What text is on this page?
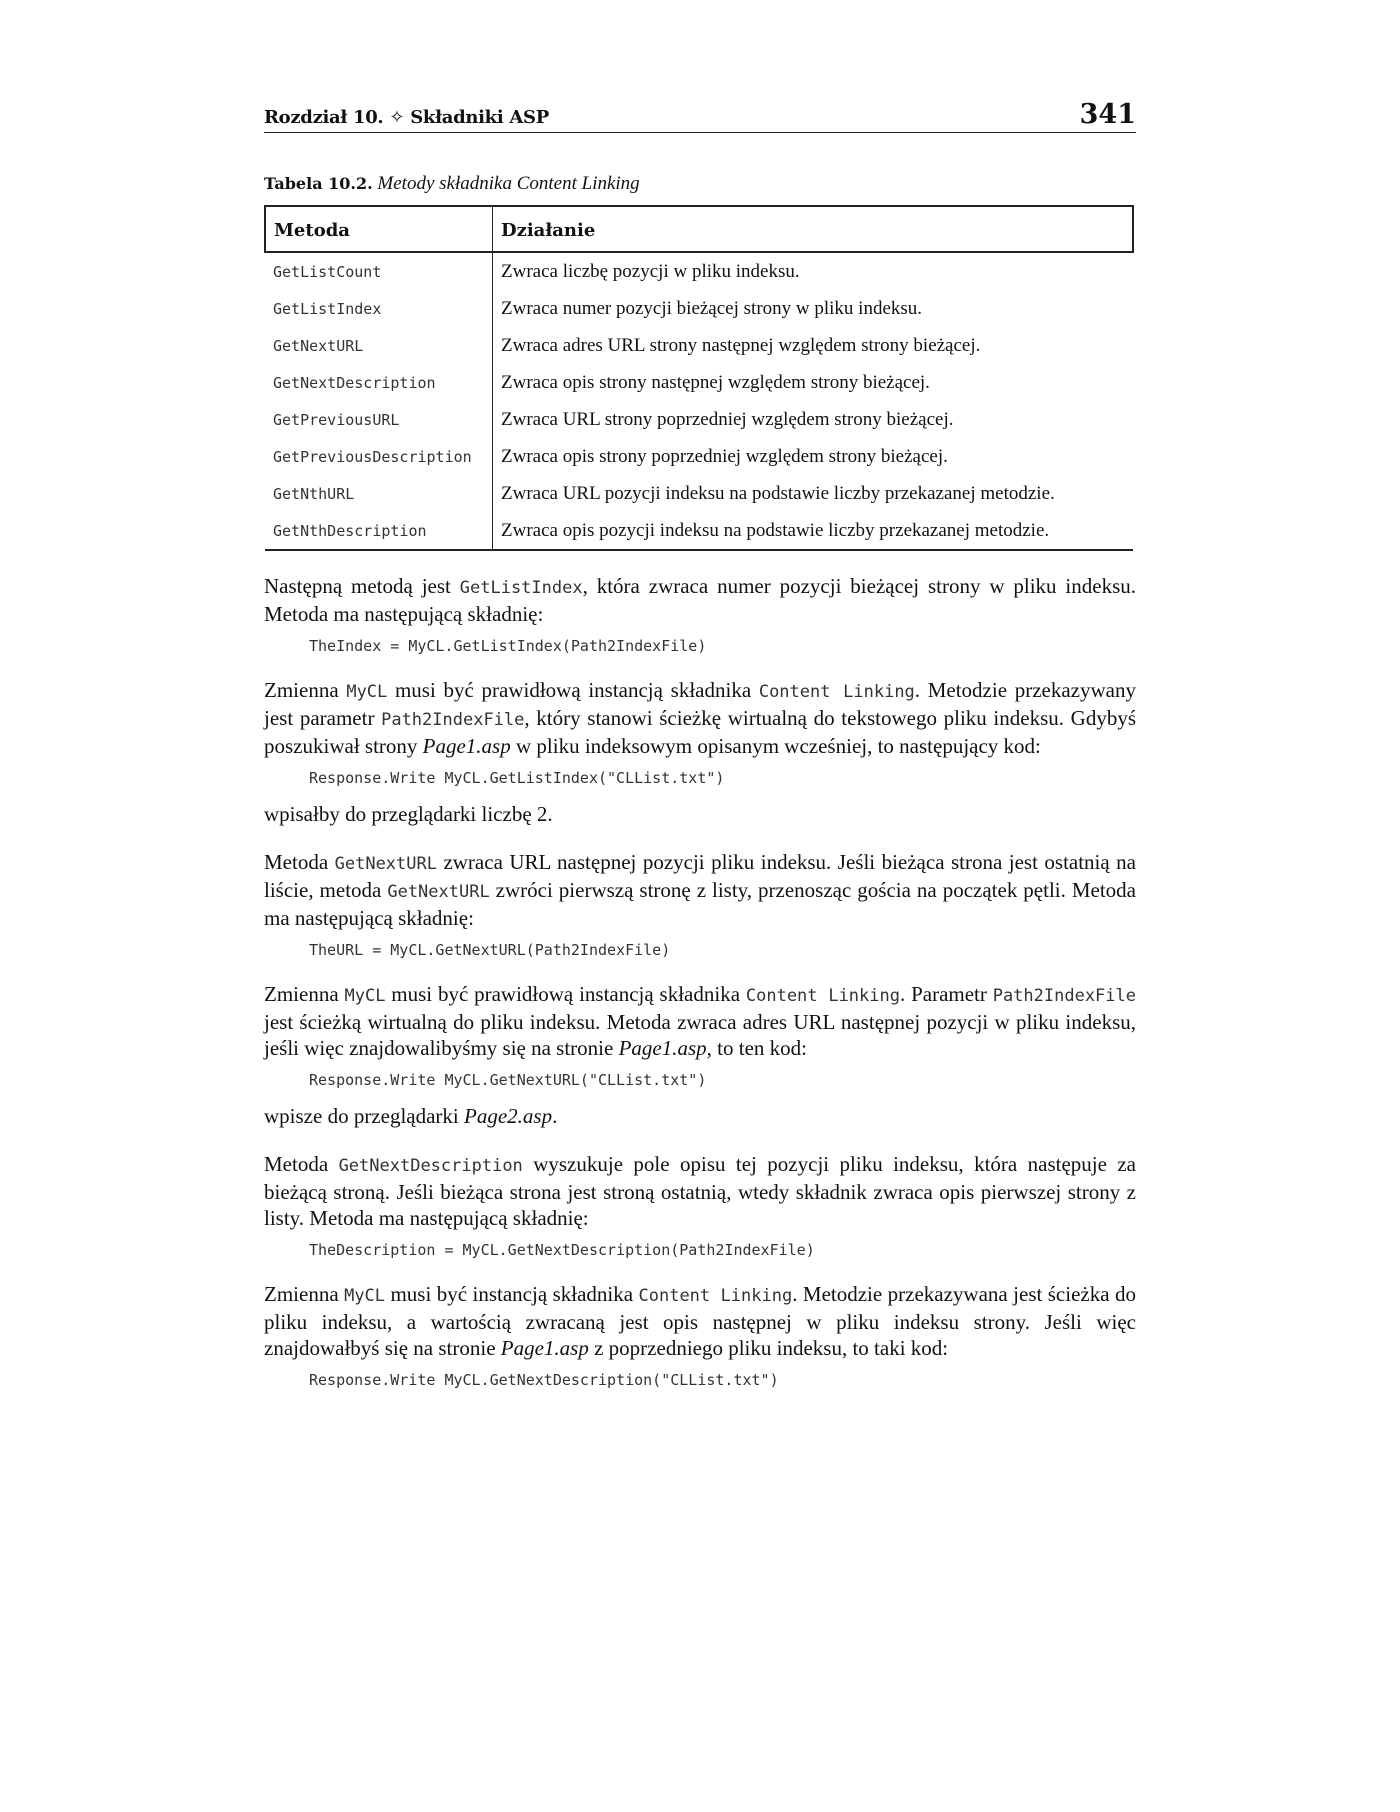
Rozdział 10. ✧ Składniki ASP	341
Tabela 10.2. Metody składnika Content Linking
Metoda	Działanie
GetListCount	Zwraca liczbę pozycji w pliku indeksu.
GetListIndex	Zwraca numer pozycji bieżącej strony w pliku indeksu.
GetNextURL	Zwraca adres URL strony następnej względem strony bieżącej.
GetNextDescription	Zwraca opis strony następnej względem strony bieżącej.
GetPreviousURL	Zwraca URL strony poprzedniej względem strony bieżącej.
GetPreviousDescription	Zwraca opis strony poprzedniej względem strony bieżącej.
GetNthURL	Zwraca URL pozycji indeksu na podstawie liczby przekazanej metodzie.
GetNthDescription	Zwraca opis pozycji indeksu na podstawie liczby przekazanej metodzie.

Następną metodą jest GetListIndex, która zwraca numer pozycji bieżącej strony w pliku indeksu. Metoda ma następującą składnię:

TheIndex = MyCL.GetListIndex(Path2IndexFile)

Zmienna MyCL musi być prawidłową instancją składnika Content Linking. Metodzie przekazywany jest parametr Path2IndexFile, który stanowi ścieżkę wirtualną do tekstowego pliku indeksu. Gdybyś poszukiwał strony Page1.asp w pliku indeksowym opisanym wcześniej, to następujący kod:

Response.Write MyCL.GetListIndex("CLList.txt")

wpisałby do przeglądarki liczbę 2.

Metoda GetNextURL zwraca URL następnej pozycji pliku indeksu. Jeśli bieżąca strona jest ostatnią na liście, metoda GetNextURL zwróci pierwszą stronę z listy, przenosząc gościa na początek pętli. Metoda ma następującą składnię:

TheURL = MyCL.GetNextURL(Path2IndexFile)

Zmienna MyCL musi być prawidłową instancją składnika Content Linking. Parametr Path2IndexFile jest ścieżką wirtualną do pliku indeksu. Metoda zwraca adres URL następnej pozycji w pliku indeksu, jeśli więc znajdowalibyśmy się na stronie Page1.asp, to ten kod:

Response.Write MyCL.GetNextURL("CLList.txt")

wpisze do przeglądarki Page2.asp.

Metoda GetNextDescription wyszukuje pole opisu tej pozycji pliku indeksu, która następuje za bieżącą stroną. Jeśli bieżąca strona jest stroną ostatnią, wtedy składnik zwraca opis pierwszej strony z listy. Metoda ma następującą składnię:

TheDescription = MyCL.GetNextDescription(Path2IndexFile)

Zmienna MyCL musi być instancją składnika Content Linking. Metodzie przekazywana jest ścieżka do pliku indeksu, a wartością zwracaną jest opis następnej w pliku indeksu strony. Jeśli więc znajdowałbyś się na stronie Page1.asp z poprzedniego pliku indeksu, to taki kod:

Response.Write MyCL.GetNextDescription("CLList.txt")
